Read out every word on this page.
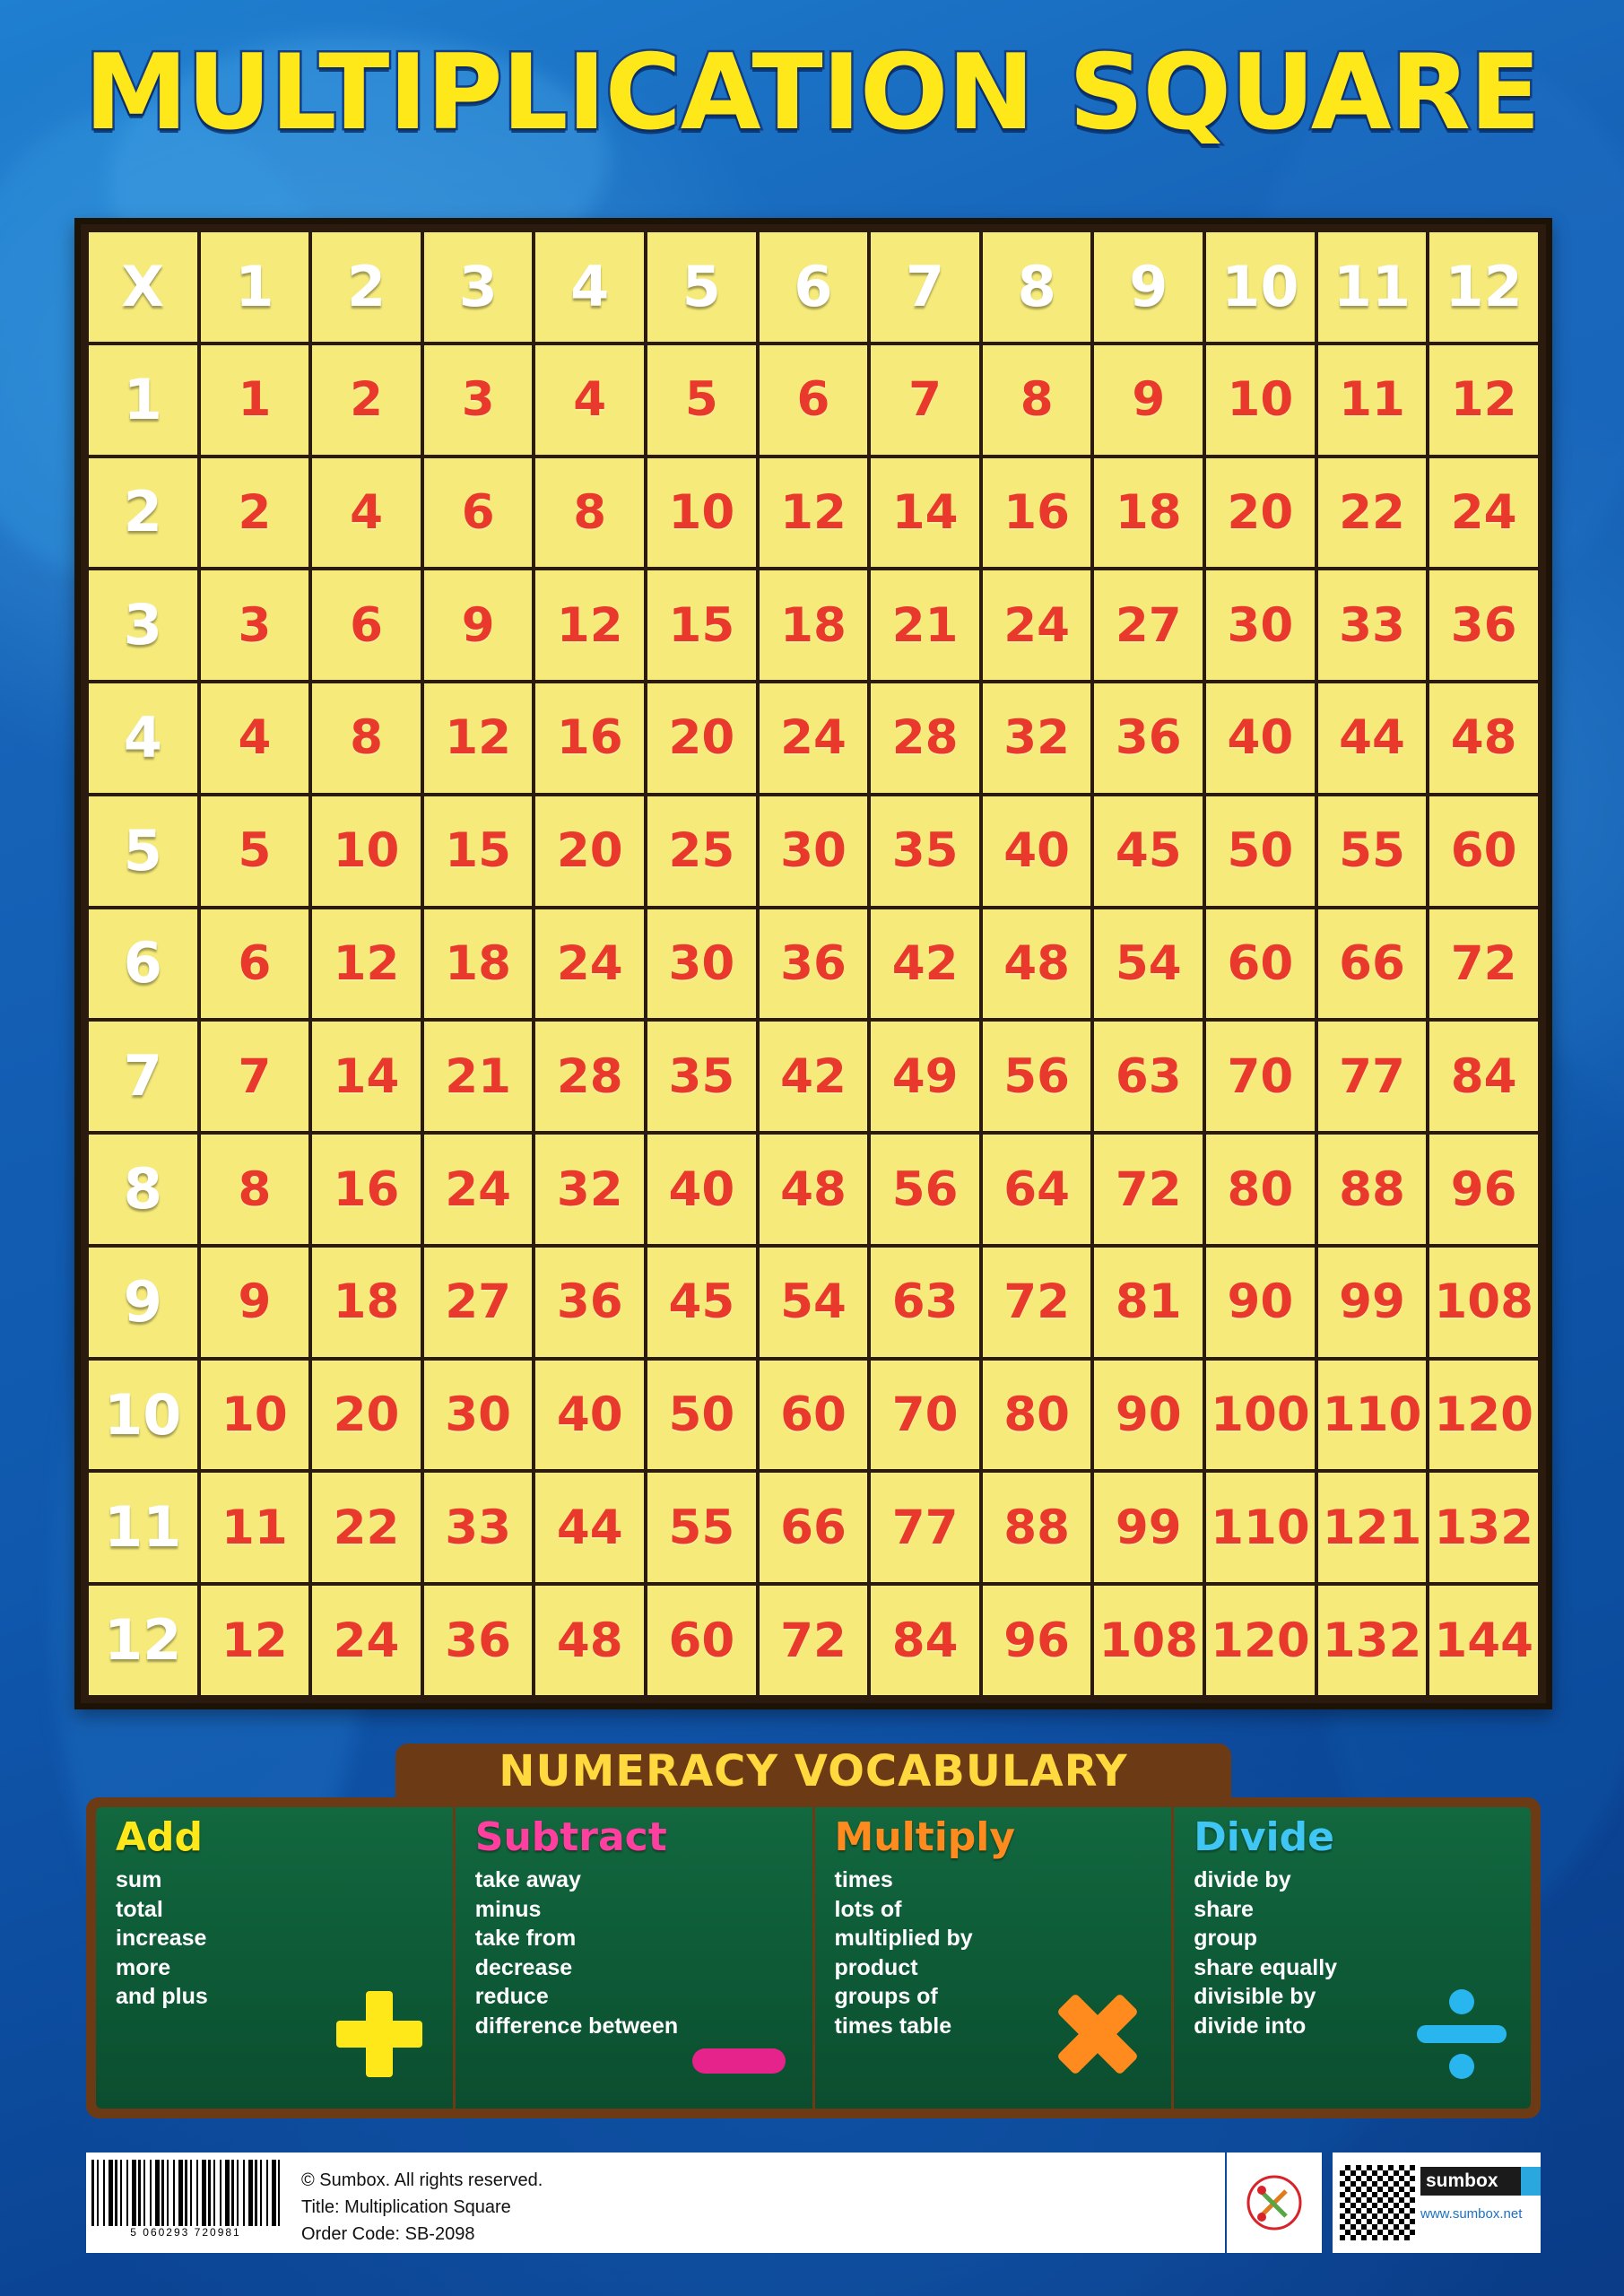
MULTIPLICATION SQUARE
X	1	2	3	4	5	6	7	8	9	10	11	12
1	1	2	3	4	5	6	7	8	9	10	11	12
2	2	4	6	8	10	12	14	16	18	20	22	24
3	3	6	9	12	15	18	21	24	27	30	33	36
4	4	8	12	16	20	24	28	32	36	40	44	48
5	5	10	15	20	25	30	35	40	45	50	55	60
6	6	12	18	24	30	36	42	48	54	60	66	72
7	7	14	21	28	35	42	49	56	63	70	77	84
8	8	16	24	32	40	48	56	64	72	80	88	96
9	9	18	27	36	45	54	63	72	81	90	99	108
10	10	20	30	40	50	60	70	80	90	100	110	120
11	11	22	33	44	55	66	77	88	99	110	121	132
12	12	24	36	48	60	72	84	96	108	120	132	144
NUMERACY VOCABULARY
Add
sum
total
increase
more
and plus
Subtract
take away
minus
take from
decrease
reduce
difference between
Multiply
times
lots of
multiplied by
product
groups of
times table
Divide
divide by
share
group
share equally
divisible by
divide into
5 060293 720981
© Sumbox. All rights reserved.
Title: Multiplication Square
Order Code: SB-2098
sumbox
www.sumbox.net
